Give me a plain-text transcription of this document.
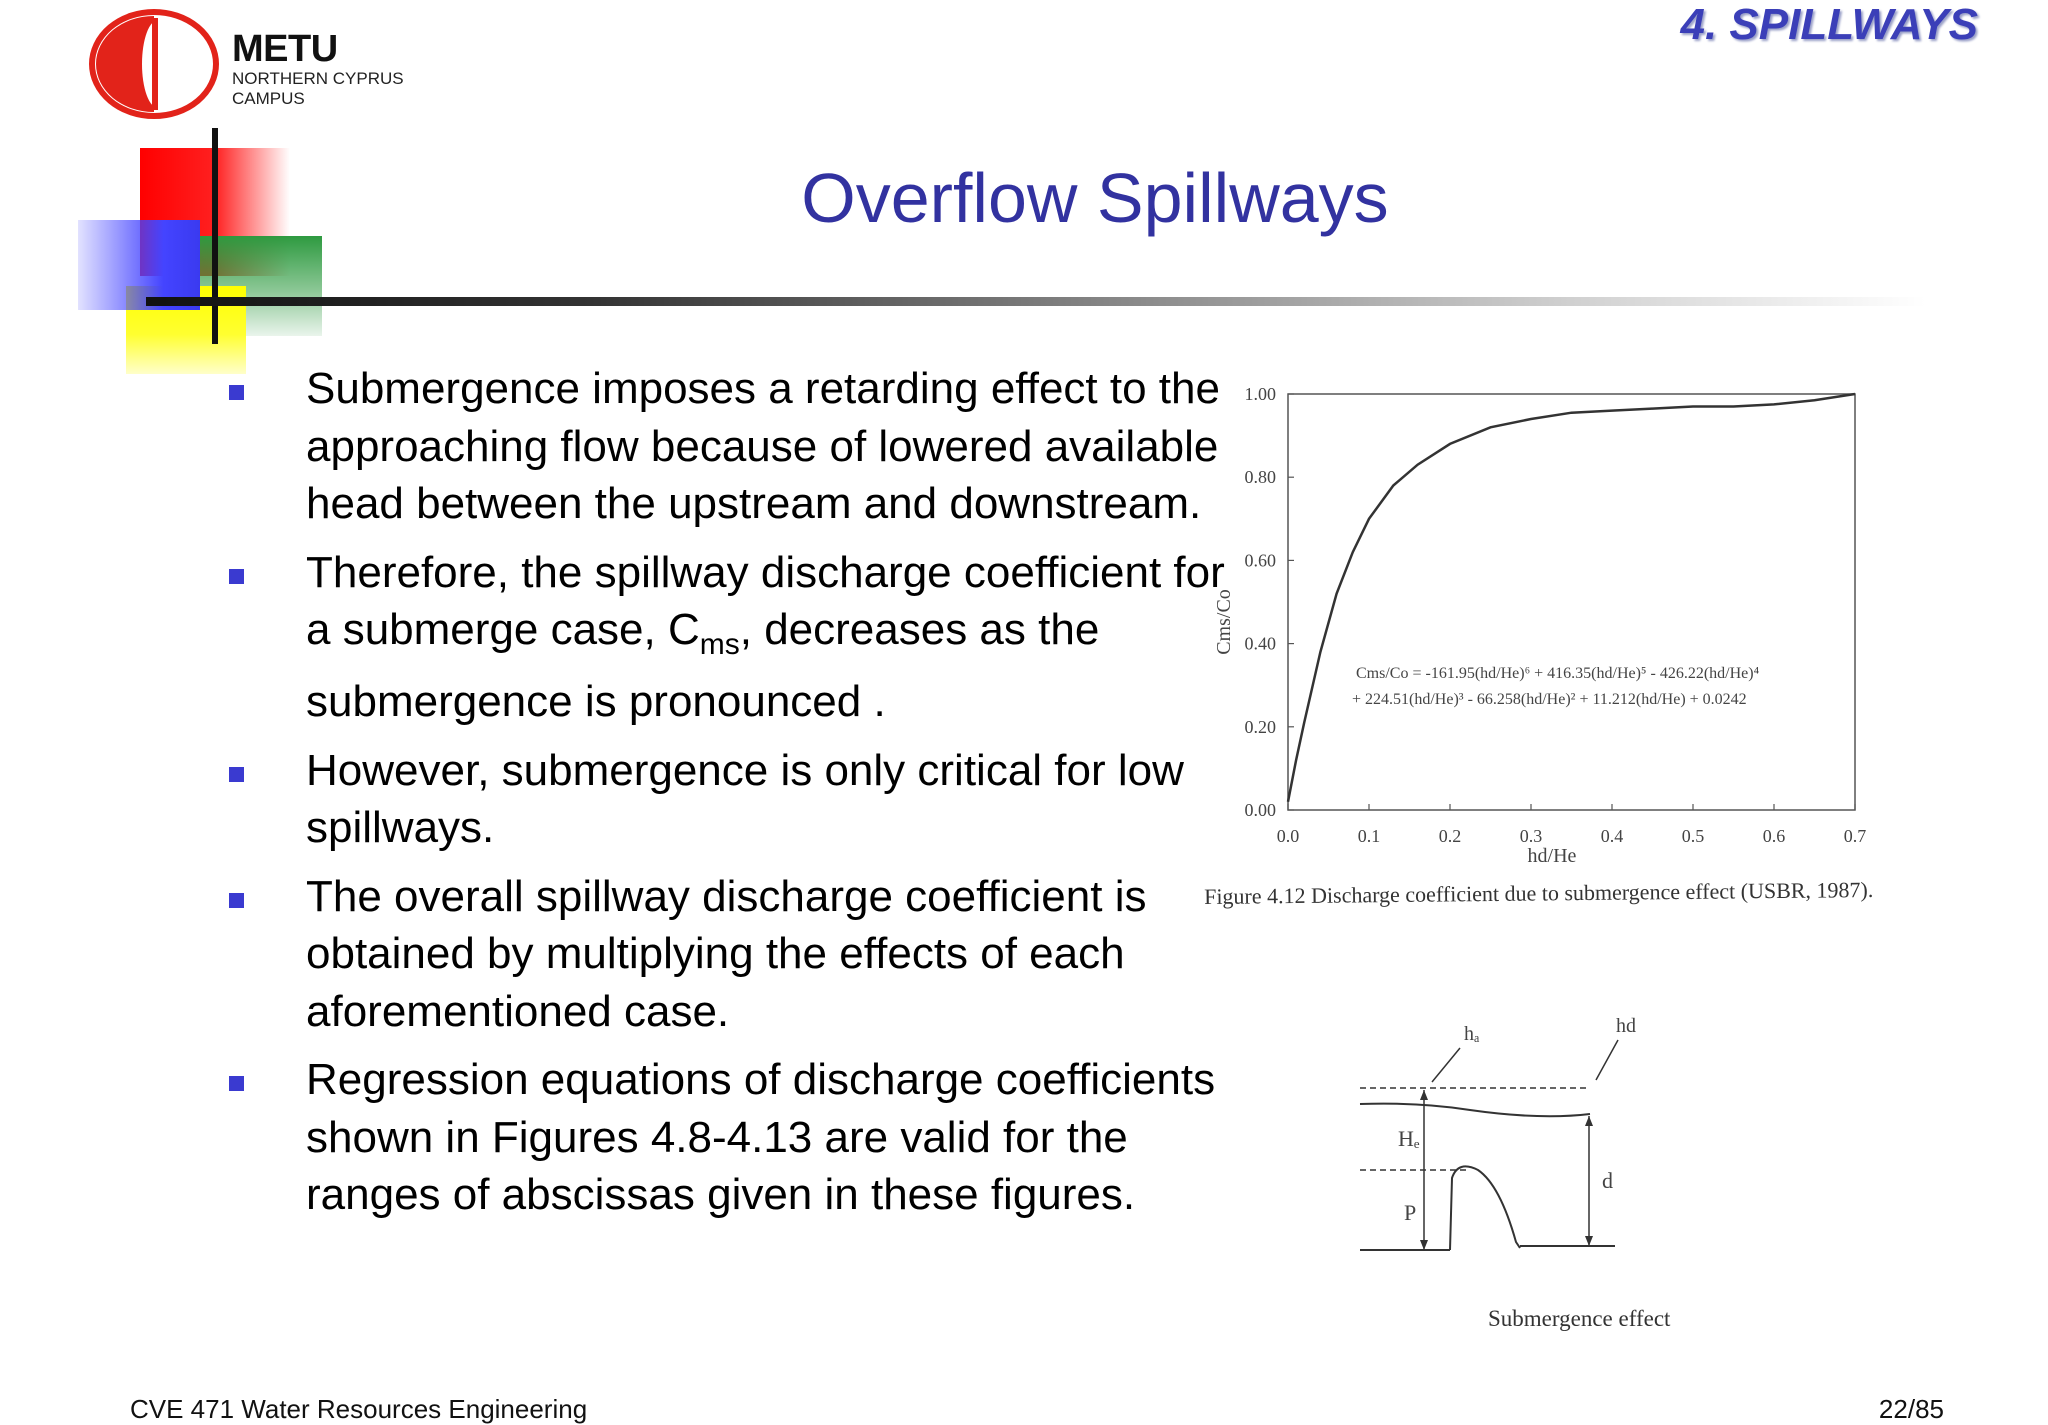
METU
NORTHERN CYPRUS
CAMPUS
4. SPILLWAYS
Overflow Spillways
Submergence imposes a retarding effect to the approaching flow because of lowered available head between the upstream and downstream.
Therefore, the spillway discharge coefficient for a submerge case, $C_{ms}$, decreases as the submergence is pronounced .
However, submergence is only critical for low spillways.
The overall spillway discharge coefficient is obtained by multiplying the effects of each aforementioned case.
Regression equations of discharge coefficients shown in Figures 4.8-4.13 are valid for the ranges of abscissas given in these figures.
0.0	0.1	0.2	0.3	0.4	0.5	0.6	0.7
0.00
0.20
0.40
0.60
0.80
1.00
Cms/Co
hd/He
Cms/Co = -161.95(hd/He)⁶ + 416.35(hd/He)⁵ - 426.22(hd/He)⁴
+ 224.51(hd/He)³ - 66.258(hd/He)² + 11.212(hd/He) + 0.0242
Figure 4.12 Discharge coefficient due to submergence effect (USBR, 1987).
hₐ	hd
Hₑ
P
d
Submergence effect
CVE 471 Water Resources Engineering	22/85
